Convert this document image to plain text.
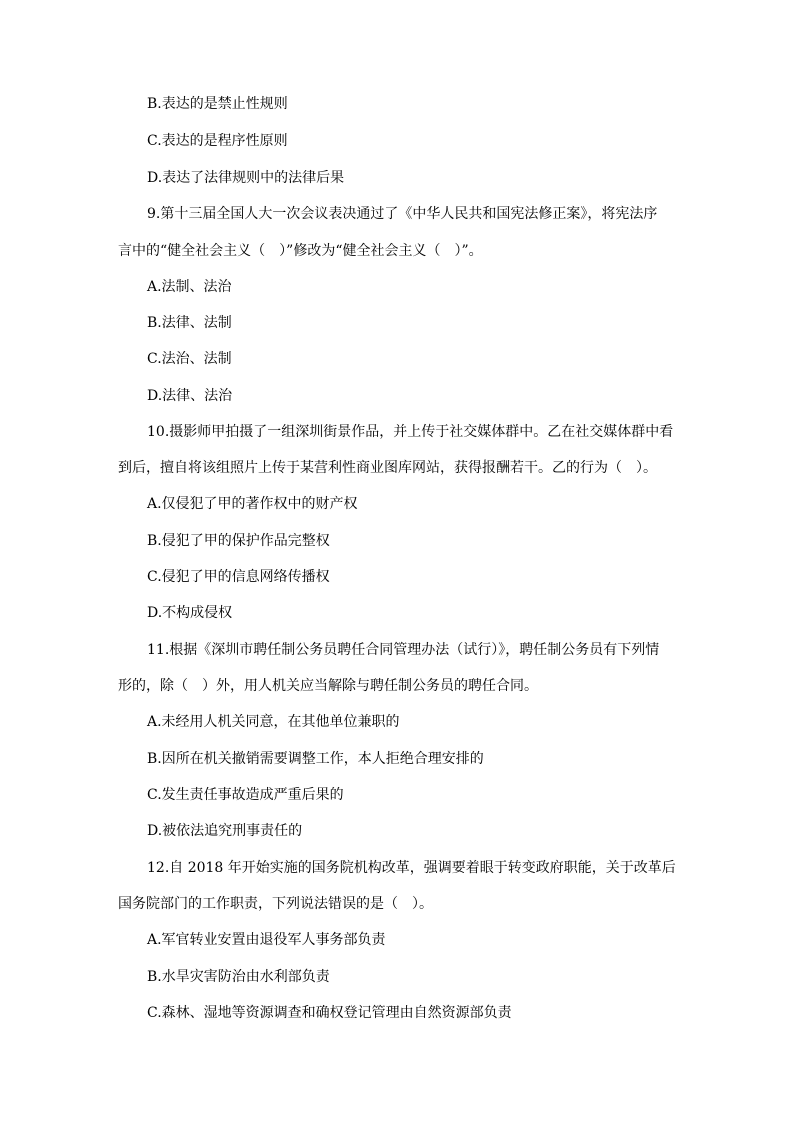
B.表达的是禁止性规则
C.表达的是程序性原则
D.表达了法律规则中的法律后果
9.第十三届全国人大一次会议表决通过了《中华人民共和国宪法修正案》，将宪法序
言中的“健全社会主义（　）”修改为“健全社会主义（　）”。
A.法制、法治
B.法律、法制
C.法治、法制
D.法律、法治
10.摄影师甲拍摄了一组深圳街景作品，并上传于社交媒体群中。乙在社交媒体群中看
到后，擅自将该组照片上传于某营利性商业图库网站，获得报酬若干。乙的行为（　）。
A.仅侵犯了甲的著作权中的财产权
B.侵犯了甲的保护作品完整权
C.侵犯了甲的信息网络传播权
D.不构成侵权
11.根据《深圳市聘任制公务员聘任合同管理办法（试行）》，聘任制公务员有下列情
形的，除（　）外，用人机关应当解除与聘任制公务员的聘任合同。
A.未经用人机关同意，在其他单位兼职的
B.因所在机关撤销需要调整工作，本人拒绝合理安排的
C.发生责任事故造成严重后果的
D.被依法追究刑事责任的
12.自 2018 年开始实施的国务院机构改革，强调要着眼于转变政府职能，关于改革后
国务院部门的工作职责，下列说法错误的是（　）。
A.军官转业安置由退役军人事务部负责
B.水旱灾害防治由水利部负责
C.森林、湿地等资源调查和确权登记管理由自然资源部负责
